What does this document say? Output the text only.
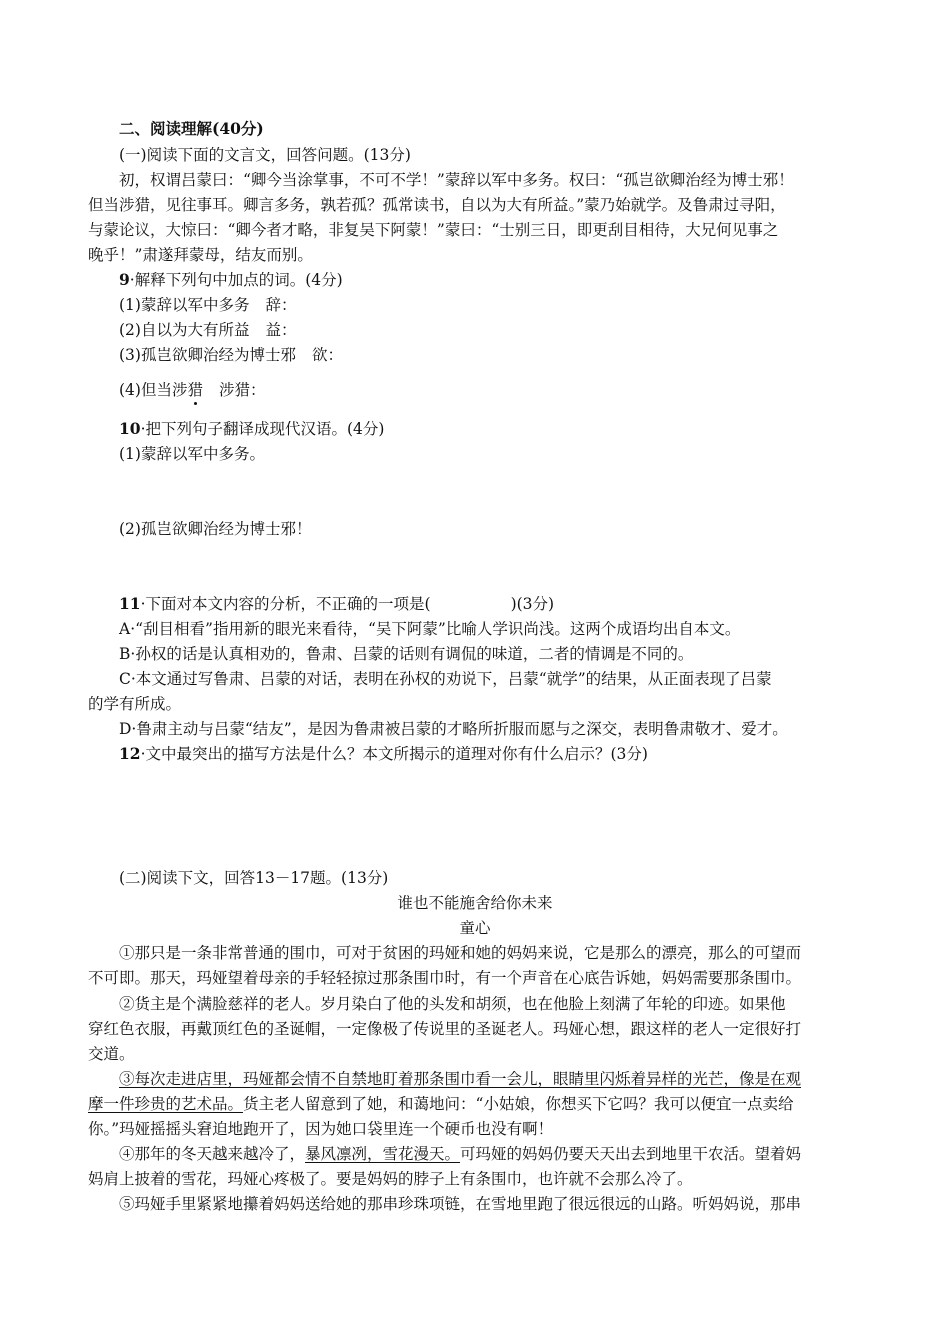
二、阅读理解(40分)
(一)阅读下面的文言文，回答问题。(13分)
初，权谓吕蒙曰：“卿今当涂掌事，不可不学！”蒙辞以军中多务。权曰：“孤岂欲卿治经为博士邪！
但当涉猎，见往事耳。卿言多务，孰若孤？孤常读书，自以为大有所益。”蒙乃始就学。及鲁肃过寻阳，
与蒙论议，大惊曰：“卿今者才略，非复吴下阿蒙！”蒙曰：“士别三日，即更刮目相待，大兄何见事之
晚乎！”肃遂拜蒙母，结友而别。
9·解释下列句中加点的词。(4分)
(1)蒙辞以军中多务 辞：
(2)自以为大有所益 益：
(3)孤岂欲卿治经为博士邪 欲：
(4)但当涉猎 涉猎：
10·把下列句子翻译成现代汉语。(4分)
(1)蒙辞以军中多务。
(2)孤岂欲卿治经为博士邪！
11·下面对本文内容的分析，不正确的一项是(	)(3分)
A·“刮目相看”指用新的眼光来看待，“吴下阿蒙”比喻人学识尚浅。这两个成语均出自本文。
B·孙权的话是认真相劝的，鲁肃、吕蒙的话则有调侃的味道，二者的情调是不同的。
C·本文通过写鲁肃、吕蒙的对话，表明在孙权的劝说下，吕蒙“就学”的结果，从正面表现了吕蒙
的学有所成。
D·鲁肃主动与吕蒙“结友”，是因为鲁肃被吕蒙的才略所折服而愿与之深交，表明鲁肃敬才、爱才。
12·文中最突出的描写方法是什么？本文所揭示的道理对你有什么启示？(3分)
(二)阅读下文，回答13－17题。(13分)
谁也不能施舍给你未来
童心
①那只是一条非常普通的围巾，可对于贫困的玛娅和她的妈妈来说，它是那么的漂亮，那么的可望而
不可即。那天，玛娅望着母亲的手轻轻掠过那条围巾时，有一个声音在心底告诉她，妈妈需要那条围巾。
②货主是个满脸慈祥的老人。岁月染白了他的头发和胡须，也在他脸上刻满了年轮的印迹。如果他
穿红色衣服，再戴顶红色的圣诞帽，一定像极了传说里的圣诞老人。玛娅心想，跟这样的老人一定很好打
交道。
③每次走进店里，玛娅都会情不自禁地盯着那条围巾看一会儿，眼睛里闪烁着异样的光芒，像是在观
摩一件珍贵的艺术品。货主老人留意到了她，和蔼地问：“小姑娘，你想买下它吗？我可以便宜一点卖给
你。”玛娅摇摇头窘迫地跑开了，因为她口袋里连一个硬币也没有啊！
④那年的冬天越来越冷了，暴风凛冽，雪花漫天。可玛娅的妈妈仍要天天出去到地里干农活。望着妈
妈肩上披着的雪花，玛娅心疼极了。要是妈妈的脖子上有条围巾，也许就不会那么冷了。
⑤玛娅手里紧紧地攥着妈妈送给她的那串珍珠项链，在雪地里跑了很远很远的山路。听妈妈说，那串
